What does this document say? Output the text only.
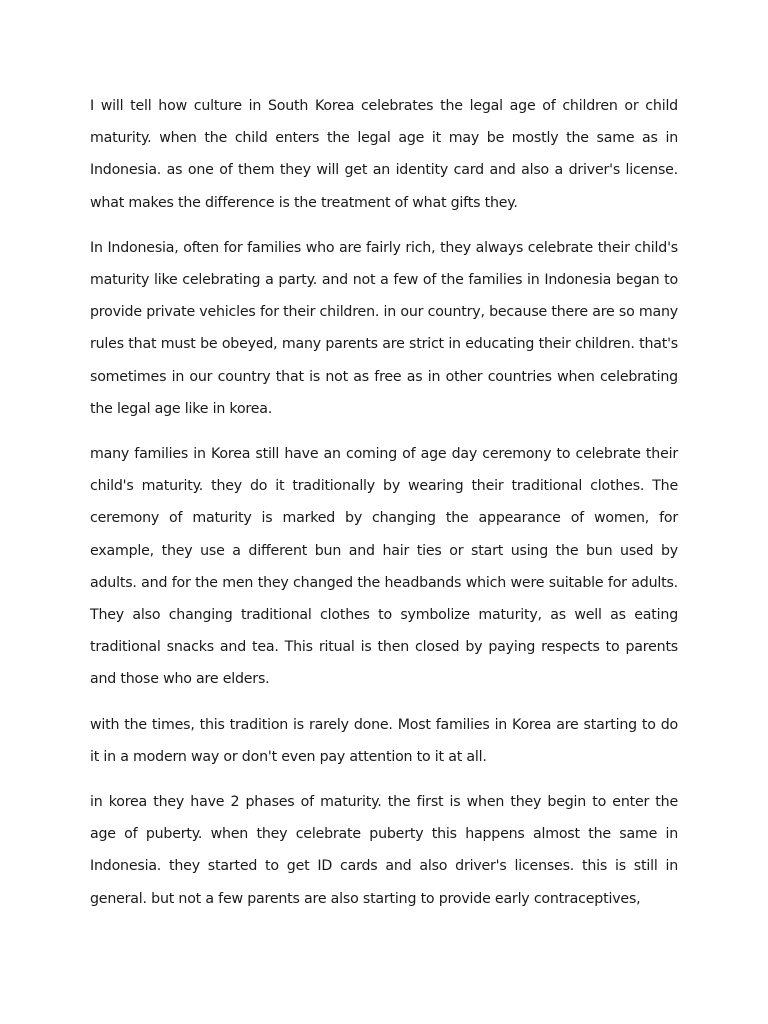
I will tell how culture in South Korea celebrates the legal age of children or child maturity. when the child enters the legal age it may be mostly the same as in Indonesia. as one of them they will get an identity card and also a driver's license. what makes the difference is the treatment of what gifts they.

In Indonesia, often for families who are fairly rich, they always celebrate their child's maturity like celebrating a party. and not a few of the families in Indonesia began to provide private vehicles for their children. in our country, because there are so many rules that must be obeyed, many parents are strict in educating their children. that's sometimes in our country that is not as free as in other countries when celebrating the legal age like in korea.

many families in Korea still have an coming of age day ceremony to celebrate their child's maturity. they do it traditionally by wearing their traditional clothes. The ceremony of maturity is marked by changing the appearance of women, for example, they use a different bun and hair ties or start using the bun used by adults. and for the men they changed the headbands which were suitable for adults. They also changing traditional clothes to symbolize maturity, as well as eating traditional snacks and tea. This ritual is then closed by paying respects to parents and those who are elders.

with the times, this tradition is rarely done. Most families in Korea are starting to do it in a modern way or don't even pay attention to it at all.

in korea they have 2 phases of maturity. the first is when they begin to enter the age of puberty. when they celebrate puberty this happens almost the same in Indonesia. they started to get ID cards and also driver's licenses. this is still in general. but not a few parents are also starting to provide early contraceptives,
